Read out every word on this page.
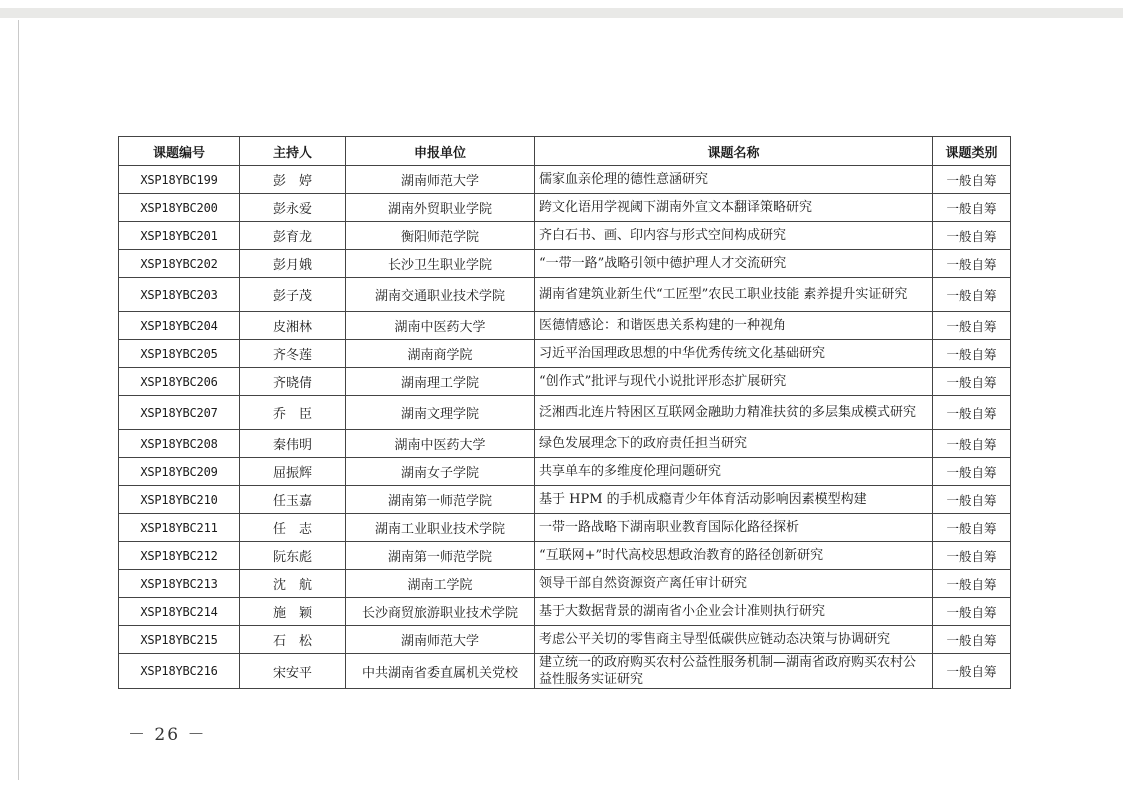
课题编号	主持人	申报单位	课题名称	课题类别
XSP18YBC199	彭　婷	湖南师范大学	儒家血亲伦理的德性意涵研究	一般自筹
XSP18YBC200	彭永爱	湖南外贸职业学院	跨文化语用学视阈下湖南外宣文本翻译策略研究	一般自筹
XSP18YBC201	彭育龙	衡阳师范学院	齐白石书、画、印内容与形式空间构成研究	一般自筹
XSP18YBC202	彭月娥	长沙卫生职业学院	“一带一路”战略引领中德护理人才交流研究	一般自筹
XSP18YBC203	彭子茂	湖南交通职业技术学院	湖南省建筑业新生代“工匠型”农民工职业技能 素养提升实证研究	一般自筹
XSP18YBC204	皮湘林	湖南中医药大学	医德情感论：和谐医患关系构建的一种视角	一般自筹
XSP18YBC205	齐冬莲	湖南商学院	习近平治国理政思想的中华优秀传统文化基础研究	一般自筹
XSP18YBC206	齐晓倩	湖南理工学院	“创作式”批评与现代小说批评形态扩展研究	一般自筹
XSP18YBC207	乔　臣	湖南文理学院	泛湘西北连片特困区互联网金融助力精准扶贫的多层集成模式研究	一般自筹
XSP18YBC208	秦伟明	湖南中医药大学	绿色发展理念下的政府责任担当研究	一般自筹
XSP18YBC209	屈振辉	湖南女子学院	共享单车的多维度伦理问题研究	一般自筹
XSP18YBC210	任玉嘉	湖南第一师范学院	基于 HPM 的手机成瘾青少年体育活动影响因素模型构建	一般自筹
XSP18YBC211	任　志	湖南工业职业技术学院	一带一路战略下湖南职业教育国际化路径探析	一般自筹
XSP18YBC212	阮东彪	湖南第一师范学院	“互联网+”时代高校思想政治教育的路径创新研究	一般自筹
XSP18YBC213	沈　航	湖南工学院	领导干部自然资源资产离任审计研究	一般自筹
XSP18YBC214	施　颖	长沙商贸旅游职业技术学院	基于大数据背景的湖南省小企业会计准则执行研究	一般自筹
XSP18YBC215	石　松	湖南师范大学	考虑公平关切的零售商主导型低碳供应链动态决策与协调研究	一般自筹
XSP18YBC216	宋安平	中共湖南省委直属机关党校	建立统一的政府购买农村公益性服务机制—湖南省政府购买农村公益性服务实证研究	一般自筹
－ 26 －
